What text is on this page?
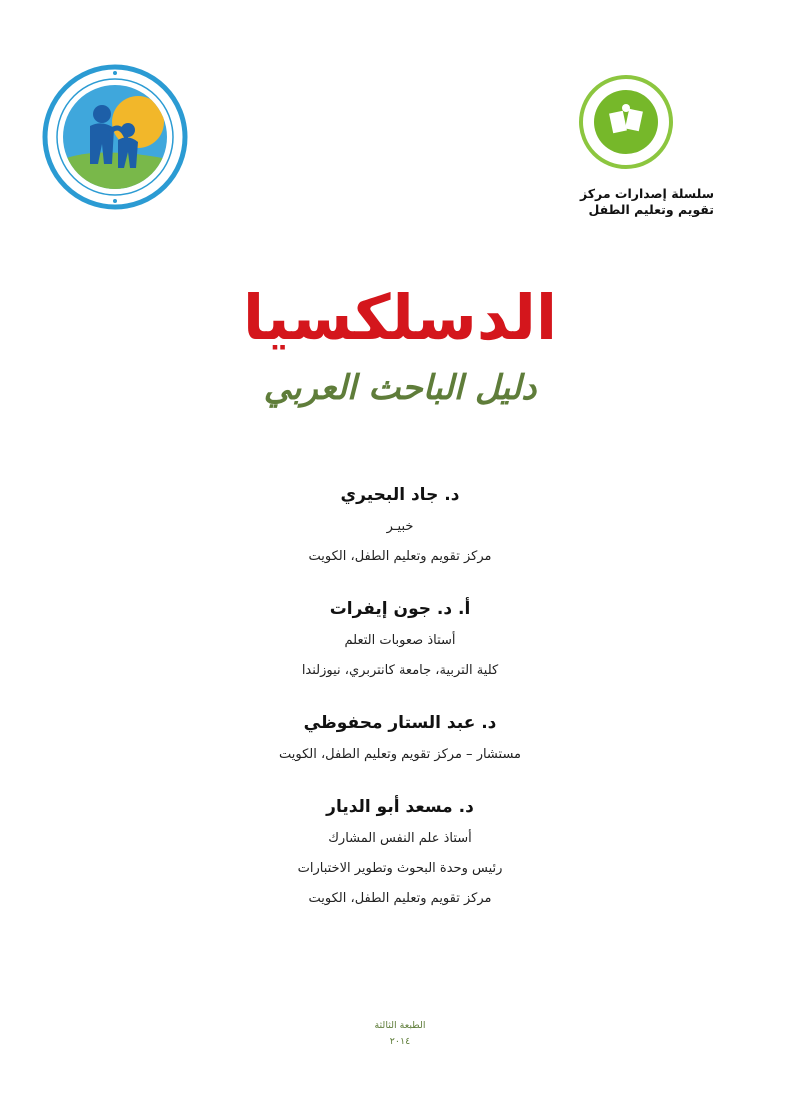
سلسلة إصدارات مركز
تقويم وتعليم الطفل
الدسلكسيا
دليل الباحث العربي
د. جاد البحيري
خبيـر
مركز تقويم وتعليم الطفل، الكويت
أ. د. جون إيفرات
أستاذ صعوبات التعلم
كلية التربية، جامعة كانتربري، نيوزلندا
د. عبد الستار محفوظي
مستشار – مركز تقويم وتعليم الطفل، الكويت
د. مسعد أبو الديار
أستاذ علم النفس المشارك
رئيس وحدة البحوث وتطوير الاختبارات
مركز تقويم وتعليم الطفل، الكويت
الطبعة الثالثة
٢٠١٤
